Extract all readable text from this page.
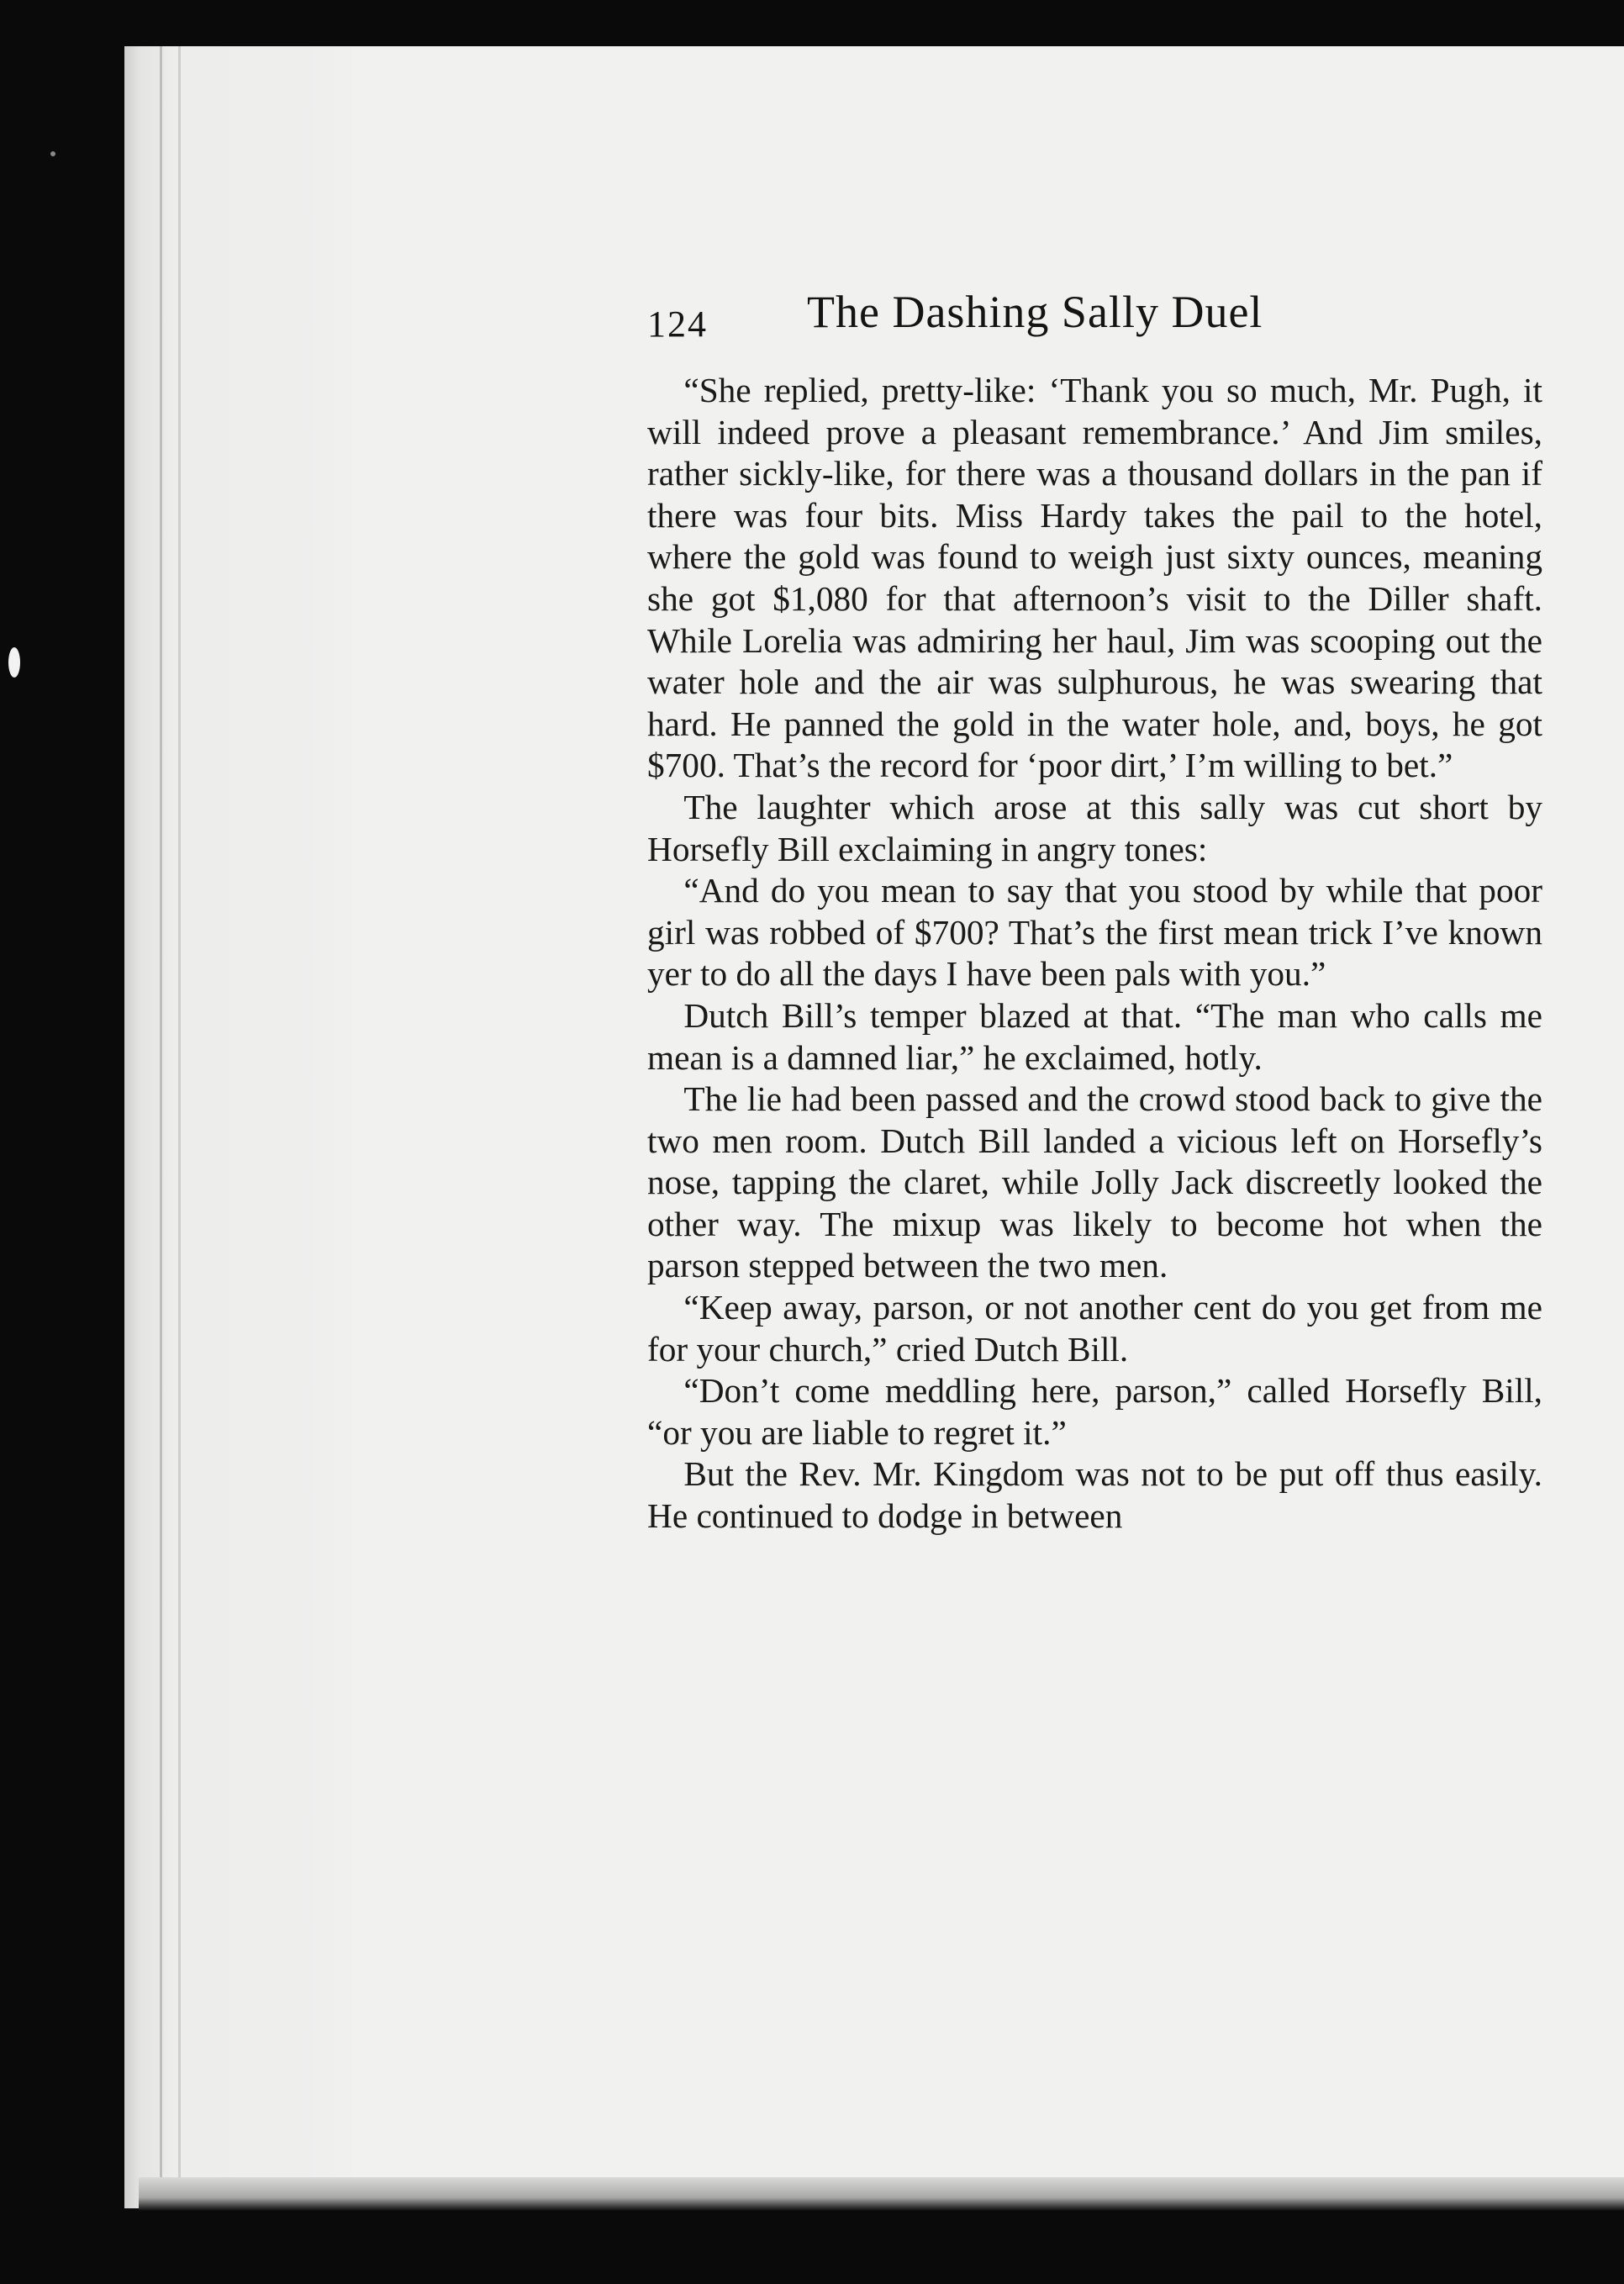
124 The Dashing Sally Duel

“She replied, pretty-like: ‘Thank you so much, Mr. Pugh, it will indeed prove a pleasant remembrance.’ And Jim smiles, rather sickly-like, for there was a thousand dollars in the pan if there was four bits. Miss Hardy takes the pail to the hotel, where the gold was found to weigh just sixty ounces, meaning she got $1,080 for that afternoon’s visit to the Diller shaft. While Lorelia was admiring her haul, Jim was scooping out the water hole and the air was sulphurous, he was swearing that hard. He panned the gold in the water hole, and, boys, he got $700. That’s the record for ‘poor dirt,’ I’m willing to bet.”

The laughter which arose at this sally was cut short by Horsefly Bill exclaiming in angry tones:

“And do you mean to say that you stood by while that poor girl was robbed of $700? That’s the first mean trick I’ve known yer to do all the days I have been pals with you.”

Dutch Bill’s temper blazed at that. “The man who calls me mean is a damned liar,” he exclaimed, hotly.

The lie had been passed and the crowd stood back to give the two men room. Dutch Bill landed a vicious left on Horsefly’s nose, tapping the claret, while Jolly Jack discreetly looked the other way. The mixup was likely to become hot when the parson stepped between the two men.

“Keep away, parson, or not another cent do you get from me for your church,” cried Dutch Bill.

“Don’t come meddling here, parson,” called Horsefly Bill, “or you are liable to regret it.”

But the Rev. Mr. Kingdom was not to be put off thus easily. He continued to dodge in between
